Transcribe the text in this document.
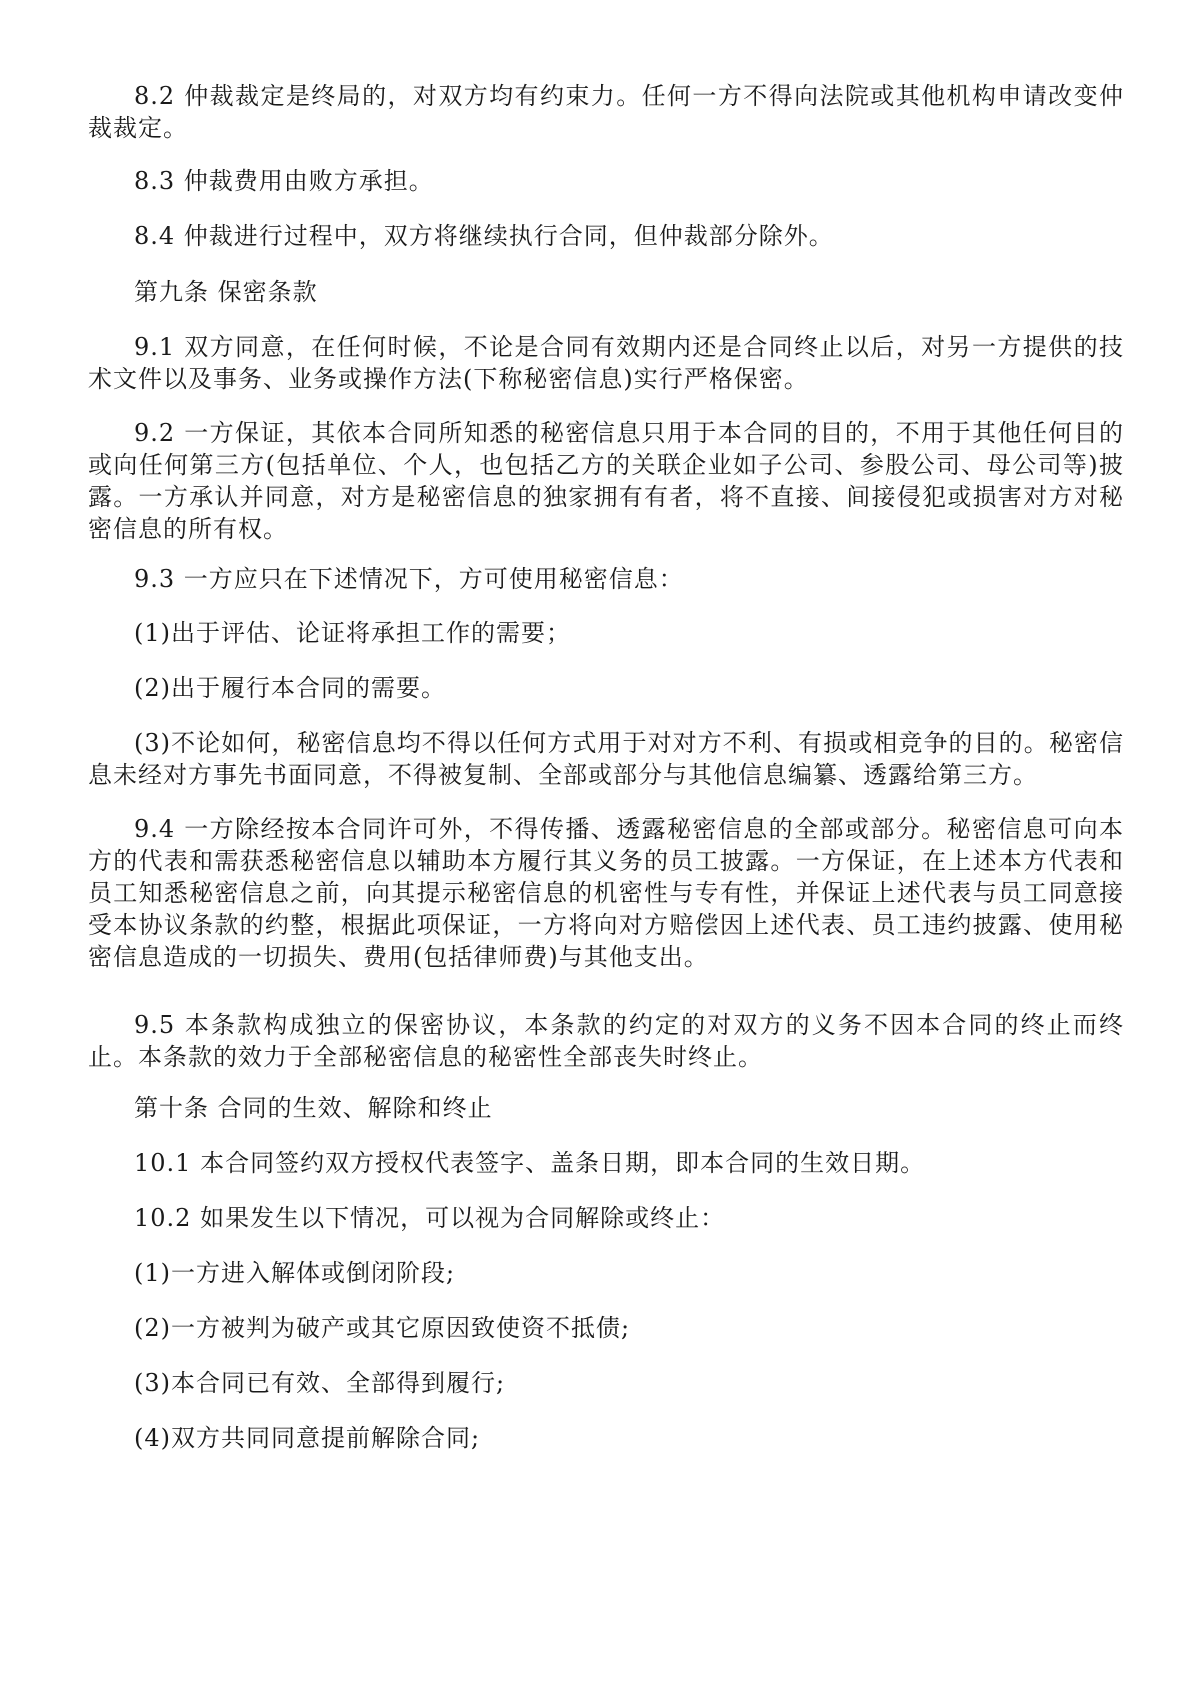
8.2 仲裁裁定是终局的，对双方均有约束力。任何一方不得向法院或其他机构申请改变仲裁裁定。

8.3 仲裁费用由败方承担。

8.4 仲裁进行过程中，双方将继续执行合同，但仲裁部分除外。

第九条 保密条款

9.1 双方同意，在任何时候，不论是合同有效期内还是合同终止以后，对另一方提供的技术文件以及事务、业务或操作方法(下称秘密信息)实行严格保密。

9.2 一方保证，其依本合同所知悉的秘密信息只用于本合同的目的，不用于其他任何目的或向任何第三方(包括单位、个人，也包括乙方的关联企业如子公司、参股公司、母公司等)披露。一方承认并同意，对方是秘密信息的独家拥有有者，将不直接、间接侵犯或损害对方对秘密信息的所有权。

9.3 一方应只在下述情况下，方可使用秘密信息：

(1)出于评估、论证将承担工作的需要；

(2)出于履行本合同的需要。

(3)不论如何，秘密信息均不得以任何方式用于对对方不利、有损或相竞争的目的。秘密信息未经对方事先书面同意，不得被复制、全部或部分与其他信息编纂、透露给第三方。

9.4 一方除经按本合同许可外，不得传播、透露秘密信息的全部或部分。秘密信息可向本方的代表和需获悉秘密信息以辅助本方履行其义务的员工披露。一方保证，在上述本方代表和员工知悉秘密信息之前，向其提示秘密信息的机密性与专有性，并保证上述代表与员工同意接受本协议条款的约整，根据此项保证，一方将向对方赔偿因上述代表、员工违约披露、使用秘密信息造成的一切损失、费用(包括律师费)与其他支出。

9.5 本条款构成独立的保密协议，本条款的约定的对双方的义务不因本合同的终止而终止。本条款的效力于全部秘密信息的秘密性全部丧失时终止。

第十条 合同的生效、解除和终止

10.1 本合同签约双方授权代表签字、盖条日期，即本合同的生效日期。

10.2 如果发生以下情况，可以视为合同解除或终止：

(1)一方进入解体或倒闭阶段;

(2)一方被判为破产或其它原因致使资不抵债;

(3)本合同已有效、全部得到履行;

(4)双方共同同意提前解除合同;
